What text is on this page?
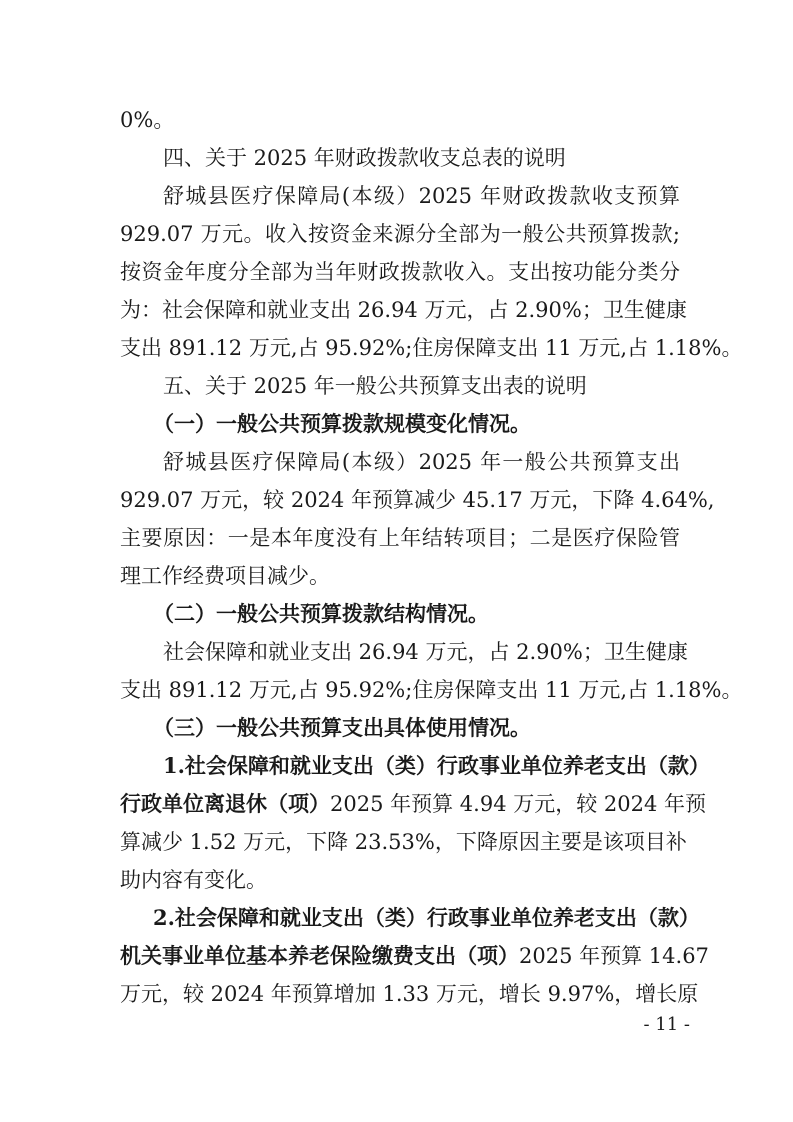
0%。

四、关于 2025 年财政拨款收支总表的说明

舒城县医疗保障局(本级）2025 年财政拨款收支预算

929.07 万元。收入按资金来源分全部为一般公共预算拨款;

按资金年度分全部为当年财政拨款收入。支出按功能分类分

为：社会保障和就业支出 26.94 万元，占 2.90%；卫生健康

支出 891.12 万元,占 95.92%;住房保障支出 11 万元,占 1.18%。

五、关于 2025 年一般公共预算支出表的说明

（一）一般公共预算拨款规模变化情况。

舒城县医疗保障局(本级）2025 年一般公共预算支出

929.07 万元，较 2024 年预算减少 45.17 万元，下降 4.64%,

主要原因：一是本年度没有上年结转项目；二是医疗保险管

理工作经费项目减少。

（二）一般公共预算拨款结构情况。

社会保障和就业支出 26.94 万元，占 2.90%；卫生健康

支出 891.12 万元,占 95.92%;住房保障支出 11 万元,占 1.18%。

（三）一般公共预算支出具体使用情况。

1.社会保障和就业支出（类）行政事业单位养老支出（款）

行政单位离退休（项）2025 年预算 4.94 万元，较 2024 年预

算减少 1.52 万元，下降 23.53%，下降原因主要是该项目补

助内容有变化。

2.社会保障和就业支出（类）行政事业单位养老支出（款）

机关事业单位基本养老保险缴费支出（项）2025 年预算 14.67

万元，较 2024 年预算增加 1.33 万元，增长 9.97%，增长原

- 11 -
